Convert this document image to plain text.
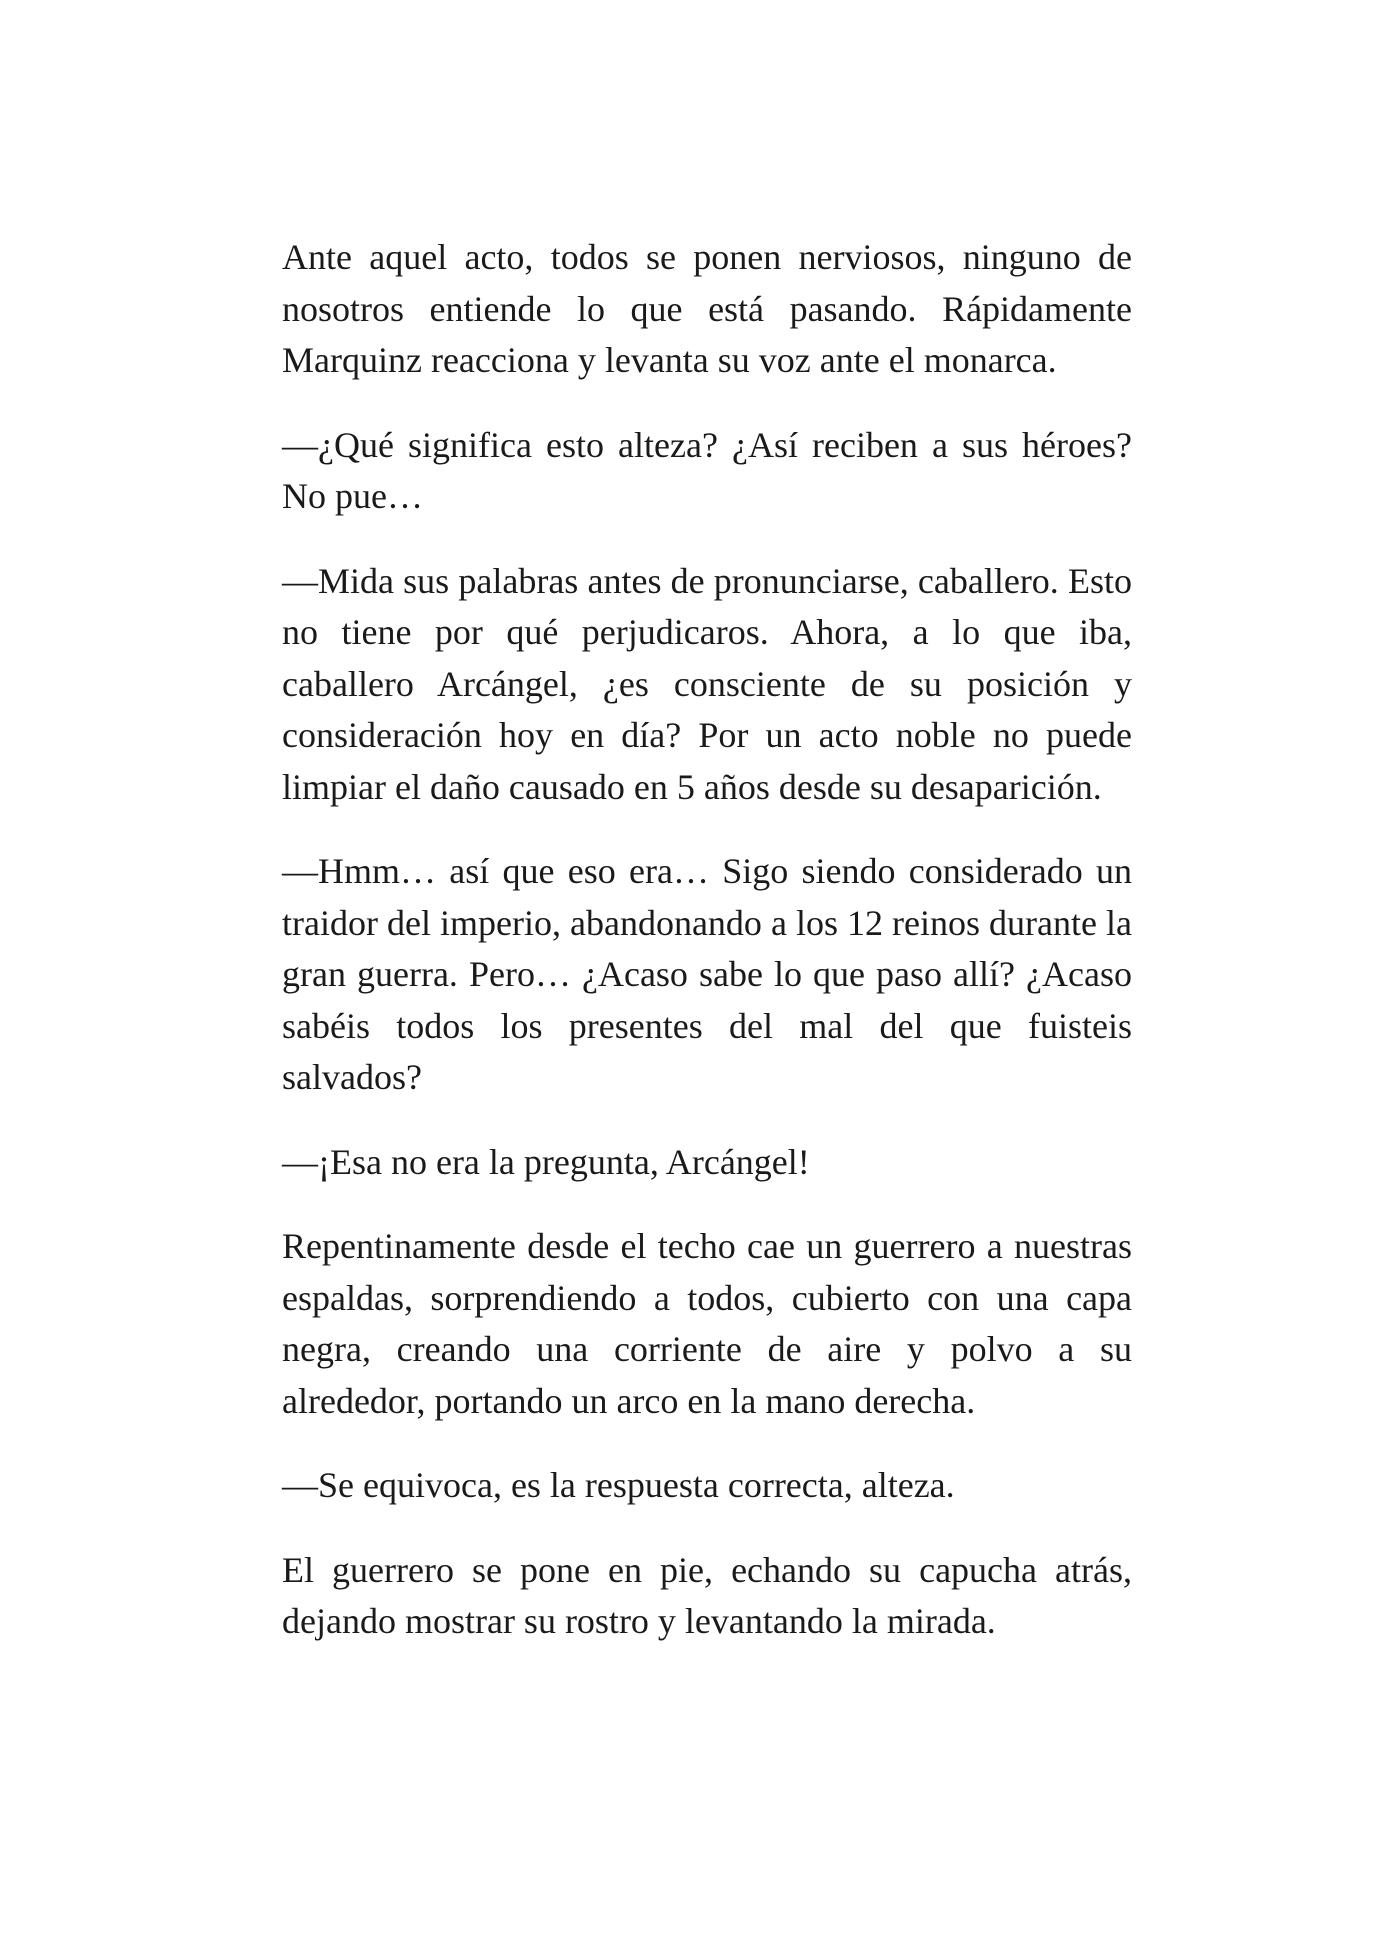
Ante aquel acto, todos se ponen nerviosos, ninguno de nosotros entiende lo que está pasando. Rápidamente Marquinz reacciona y levanta su voz ante el monarca.

—¿Qué significa esto alteza? ¿Así reciben a sus héroes? No pue…

—Mida sus palabras antes de pronunciarse, caballero. Esto no tiene por qué perjudicaros. Ahora, a lo que iba, caballero Arcángel, ¿es consciente de su posición y consideración hoy en día? Por un acto noble no puede limpiar el daño causado en 5 años desde su desaparición.

—Hmm… así que eso era… Sigo siendo considerado un traidor del imperio, abandonando a los 12 reinos durante la gran guerra. Pero… ¿Acaso sabe lo que paso allí? ¿Acaso sabéis todos los presentes del mal del que fuisteis salvados?

—¡Esa no era la pregunta, Arcángel!

Repentinamente desde el techo cae un guerrero a nuestras espaldas, sorprendiendo a todos, cubierto con una capa negra, creando una corriente de aire y polvo a su alrededor, portando un arco en la mano derecha.

—Se equivoca, es la respuesta correcta, alteza.

El guerrero se pone en pie, echando su capucha atrás, dejando mostrar su rostro y levantando la mirada.
